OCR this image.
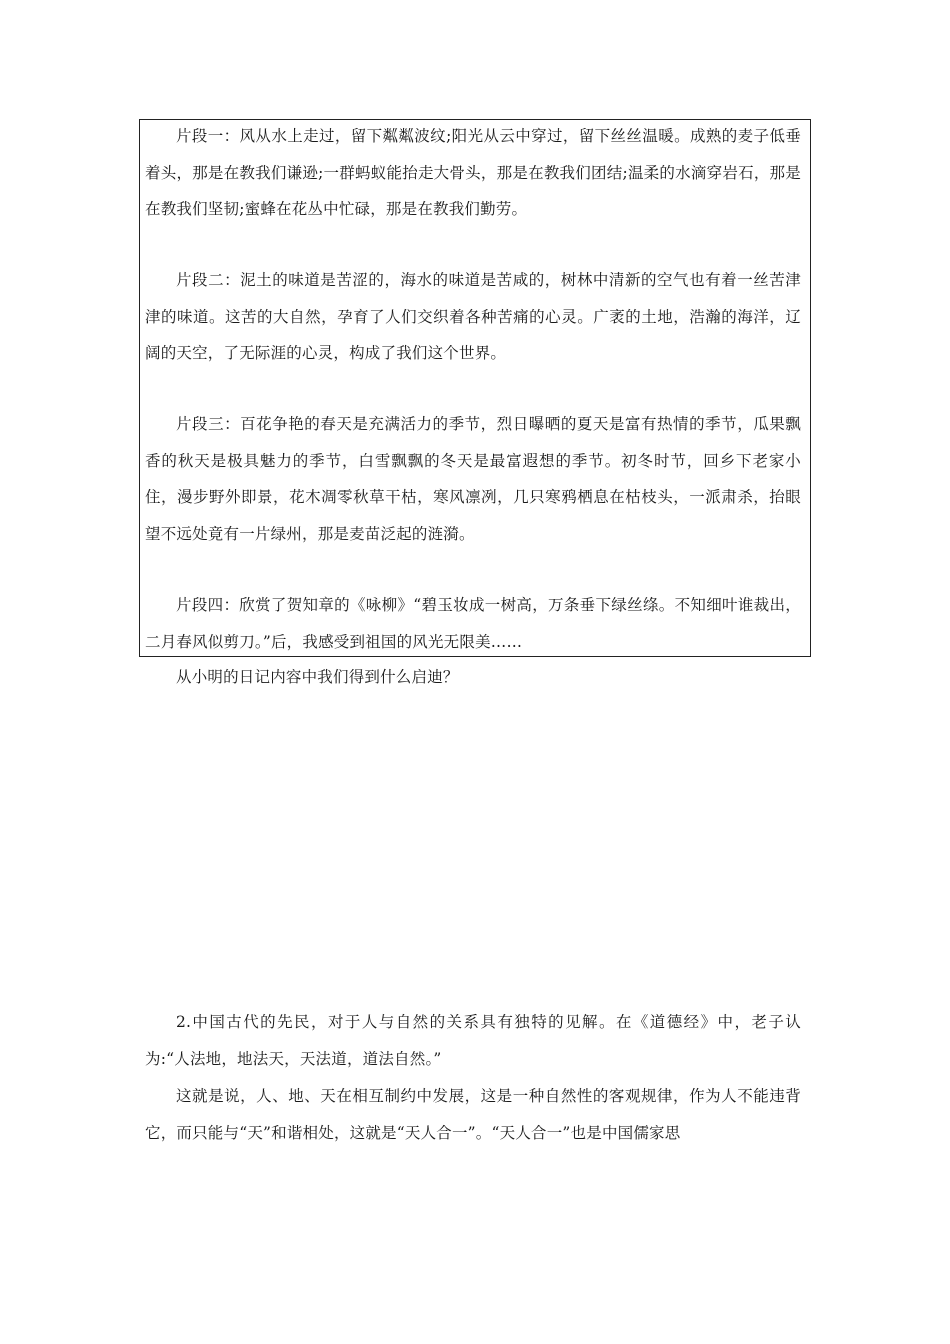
片段一：风从水上走过，留下粼粼波纹;阳光从云中穿过，留下丝丝温暖。成熟的麦子低垂着头，那是在教我们谦逊;一群蚂蚁能抬走大骨头，那是在教我们团结;温柔的水滴穿岩石，那是在教我们坚韧;蜜蜂在花丛中忙碌，那是在教我们勤劳。

片段二：泥土的味道是苦涩的，海水的味道是苦咸的，树林中清新的空气也有着一丝苦津津的味道。这苦的大自然，孕育了人们交织着各种苦痛的心灵。广袤的土地，浩瀚的海洋，辽阔的天空，了无际涯的心灵，构成了我们这个世界。

片段三：百花争艳的春天是充满活力的季节，烈日曝晒的夏天是富有热情的季节，瓜果飘香的秋天是极具魅力的季节，白雪飘飘的冬天是最富遐想的季节。初冬时节，回乡下老家小住，漫步野外即景，花木凋零秋草干枯，寒风凛冽，几只寒鸦栖息在枯枝头，一派肃杀，抬眼望不远处竟有一片绿州，那是麦苗泛起的涟漪。

片段四：欣赏了贺知章的《咏柳》“碧玉妆成一树高，万条垂下绿丝绦。不知细叶谁裁出，二月春风似剪刀。”后，我感受到祖国的风光无限美……

从小明的日记内容中我们得到什么启迪？

2.中国古代的先民，对于人与自然的关系具有独特的见解。在《道德经》中，老子认为:“人法地，地法天，天法道，道法自然。”

这就是说，人、地、天在相互制约中发展，这是一种自然性的客观规律，作为人不能违背它，而只能与“天”和谐相处，这就是“天人合一”。“天人合一”也是中国儒家思
